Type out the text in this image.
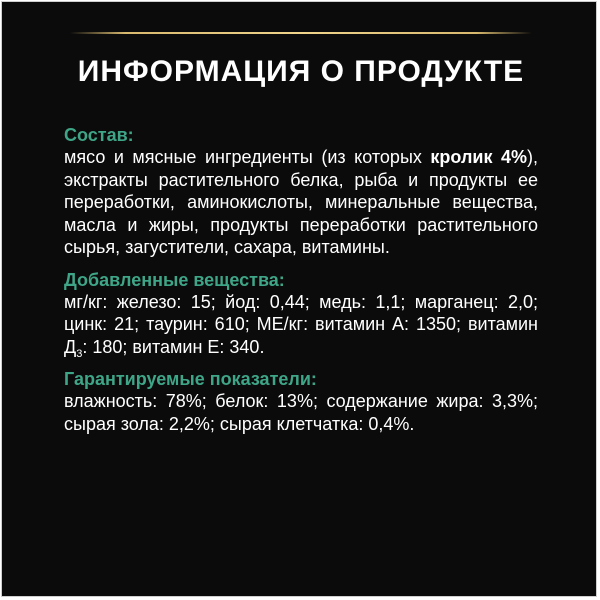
ИНФОРМАЦИЯ О ПРОДУКТЕ
Состав:
мясо и мясные ингредиенты (из которых кролик 4%), экстракты растительного белка, рыба и продукты ее переработки, аминокислоты, минеральные вещества, масла и жиры, продукты переработки растительного сырья, загустители, сахара, витамины.
Добавленные вещества:
мг/кг: железо: 15; йод: 0,44; медь: 1,1; марганец: 2,0; цинк: 21; таурин: 610; МЕ/кг: витамин А: 1350; витамин $Д_3$: 180; витамин Е: 340.
Гарантируемые показатели:
влажность: 78%; белок: 13%; содержание жира: 3,3%; сырая зола: 2,2%; сырая клетчатка: 0,4%.
